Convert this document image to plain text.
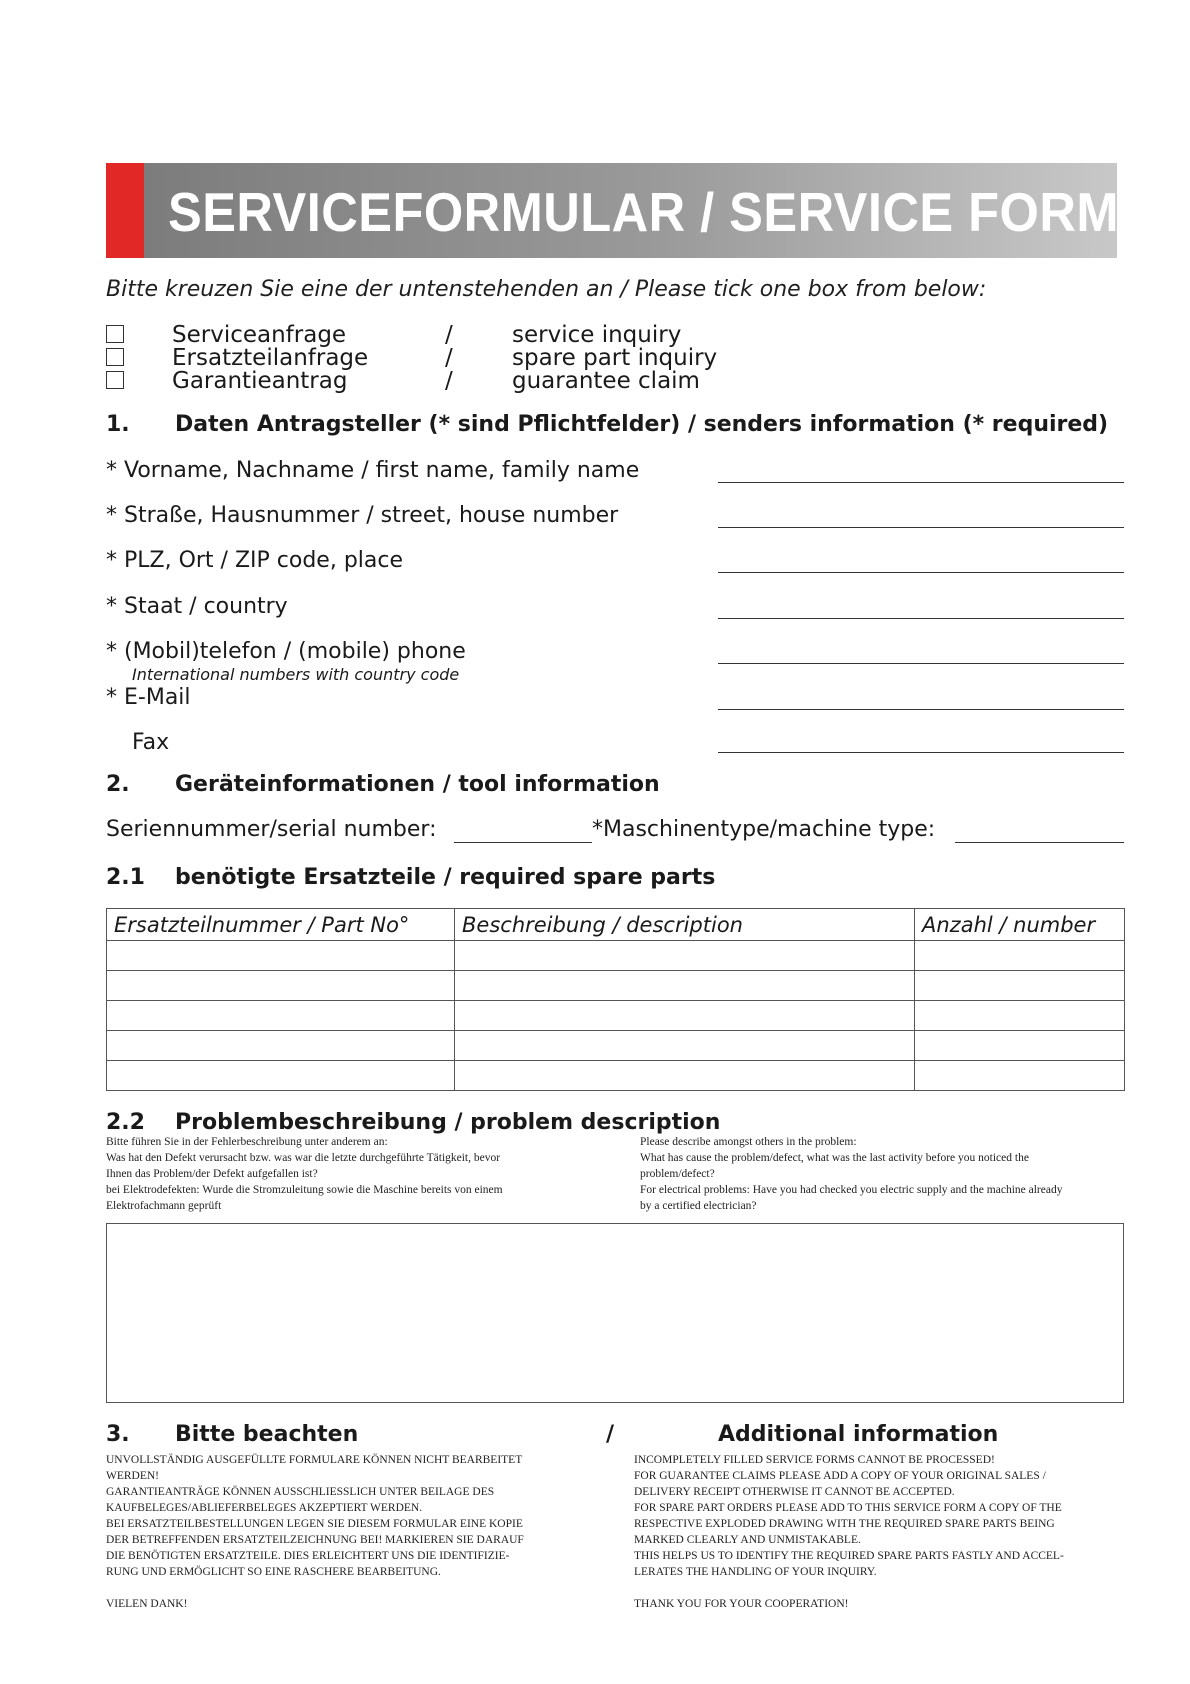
SERVICEFORMULAR / SERVICE FORM
Bitte kreuzen Sie eine der untenstehenden an / Please tick one box from below:
Serviceanfrage	/	service inquiry
Ersatzteilanfrage	/	spare part inquiry
Garantieantrag	/	guarantee claim
1. Daten Antragsteller (* sind Pflichtfelder) / senders information (* required)
* Vorname, Nachname / first name, family name
* Straße, Hausnummer / street, house number
* PLZ, Ort / ZIP code, place
* Staat / country
* (Mobil)telefon / (mobile) phone
International numbers with country code
* E-Mail
Fax
2. Geräteinformationen / tool information
Seriennummer/serial number:	*Maschinentype/machine type:
2.1 benötigte Ersatzteile / required spare parts
Ersatzteilnummer / Part No°	Beschreibung / description	Anzahl / number

2.2 Problembeschreibung / problem description
Bitte führen Sie in der Fehlerbeschreibung unter anderem an:
Was hat den Defekt verursacht bzw. was war die letzte durchgeführte Tätigkeit, bevor
Ihnen das Problem/der Defekt aufgefallen ist?
bei Elektrodefekten: Wurde die Stromzuleitung sowie die Maschine bereits von einem
Elektrofachmann geprüft
Please describe amongst others in the problem:
What has cause the problem/defect, what was the last activity before you noticed the
problem/defect?
For electrical problems: Have you had checked you electric supply and the machine already
by a certified electrician?
3. Bitte beachten	/	Additional information
UNVOLLSTÄNDIG AUSGEFÜLLTE FORMULARE KÖNNEN NICHT BEARBEITET
WERDEN!
GARANTIEANTRÄGE KÖNNEN AUSSCHLIESSLICH UNTER BEILAGE DES
KAUFBELEGES/ABLIEFERBELEGES AKZEPTIERT WERDEN.
BEI ERSATZTEILBESTELLUNGEN LEGEN SIE DIESEM FORMULAR EINE KOPIE
DER BETREFFENDEN ERSATZTEILZEICHNUNG BEI! MARKIEREN SIE DARAUF
DIE BENÖTIGTEN ERSATZTEILE. DIES ERLEICHTERT UNS DIE IDENTIFIZIE-
RUNG UND ERMÖGLICHT SO EINE RASCHERE BEARBEITUNG.
VIELEN DANK!
INCOMPLETELY FILLED SERVICE FORMS CANNOT BE PROCESSED!
FOR GUARANTEE CLAIMS PLEASE ADD A COPY OF YOUR ORIGINAL SALES /
DELIVERY RECEIPT OTHERWISE IT CANNOT BE ACCEPTED.
FOR SPARE PART ORDERS PLEASE ADD TO THIS SERVICE FORM A COPY OF THE
RESPECTIVE EXPLODED DRAWING WITH THE REQUIRED SPARE PARTS BEING
MARKED CLEARLY AND UNMISTAKABLE.
THIS HELPS US TO IDENTIFY THE REQUIRED SPARE PARTS FASTLY AND ACCEL-
LERATES THE HANDLING OF YOUR INQUIRY.
THANK YOU FOR YOUR COOPERATION!
